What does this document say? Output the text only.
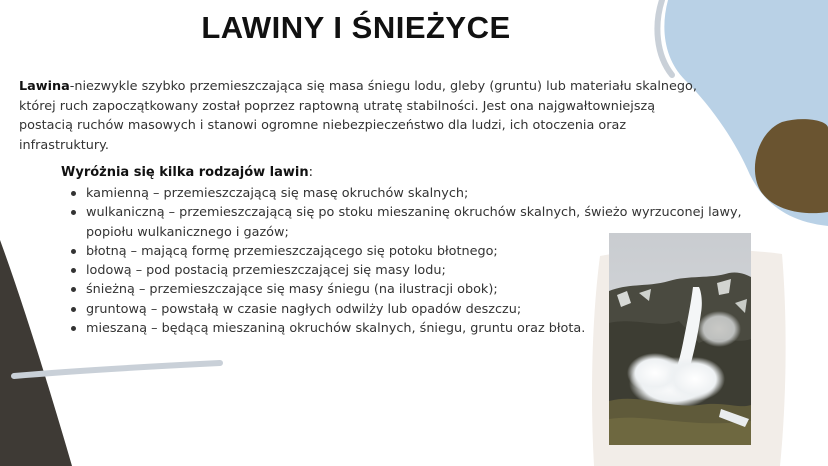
LAWINY I ŚNIEŻYCE

Lawina-niezwykle szybko przemieszczająca się masa śniegu lodu, gleby (gruntu) lub materiału skalnego, której ruch zapoczątkowany został poprzez raptowną utratę stabilności. Jest ona najgwałtowniejszą postacią ruchów masowych i stanowi ogromne niebezpieczeństwo dla ludzi, ich otoczenia oraz infrastruktury.

Wyróżnia się kilka rodzajów lawin:

kamienną – przemieszczającą się masę okruchów skalnych;
wulkaniczną – przemieszczającą się po stoku mieszaninę okruchów skalnych, świeżo wyrzuconej lawy, popiołu wulkanicznego i gazów;
błotną – mającą formę przemieszczającego się potoku błotnego;
lodową – pod postacią przemieszczającej się masy lodu;
śnieżną – przemieszczające się masy śniegu (na ilustracji obok);
gruntową – powstałą w czasie nagłych odwilży lub opadów deszczu;
mieszaną – będącą mieszaniną okruchów skalnych, śniegu, gruntu oraz błota.
